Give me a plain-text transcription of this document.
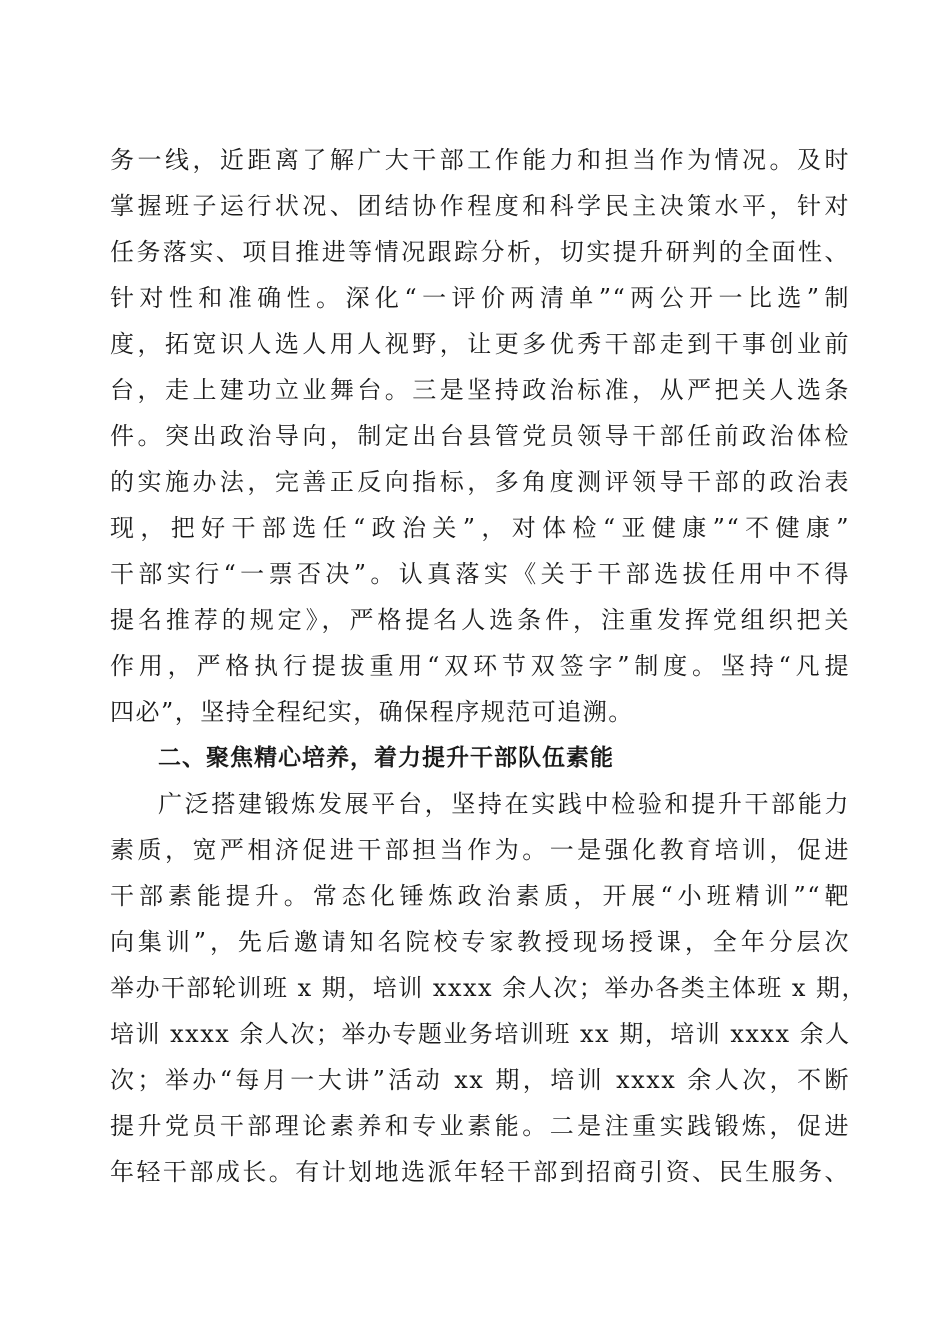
务一线，近距离了解广大干部工作能力和担当作为情况。及时
掌握班子运行状况、团结协作程度和科学民主决策水平，针对
任务落实、项目推进等情况跟踪分析，切实提升研判的全面性、
针对性和准确性。深化“一评价两清单”“两公开一比选”制
度，拓宽识人选人用人视野，让更多优秀干部走到干事创业前
台，走上建功立业舞台。三是坚持政治标准，从严把关人选条
件。突出政治导向，制定出台县管党员领导干部任前政治体检
的实施办法，完善正反向指标，多角度测评领导干部的政治表
现，把好干部选任“政治关”，对体检“亚健康”“不健康”
干部实行“一票否决”。认真落实《关于干部选拔任用中不得
提名推荐的规定》，严格提名人选条件，注重发挥党组织把关
作用，严格执行提拔重用“双环节双签字”制度。坚持“凡提
四必”，坚持全程纪实，确保程序规范可追溯。
二、聚焦精心培养，着力提升干部队伍素能
广泛搭建锻炼发展平台，坚持在实践中检验和提升干部能力
素质，宽严相济促进干部担当作为。一是强化教育培训，促进
干部素能提升。常态化锤炼政治素质，开展“小班精训”“靶
向集训”，先后邀请知名院校专家教授现场授课，全年分层次
举办干部轮训班 x 期，培训 xxxx 余人次；举办各类主体班 x 期，
培训 xxxx 余人次；举办专题业务培训班 xx 期，培训 xxxx 余人
次；举办“每月一大讲”活动 xx 期，培训 xxxx 余人次，不断
提升党员干部理论素养和专业素能。二是注重实践锻炼，促进
年轻干部成长。有计划地选派年轻干部到招商引资、民生服务、
